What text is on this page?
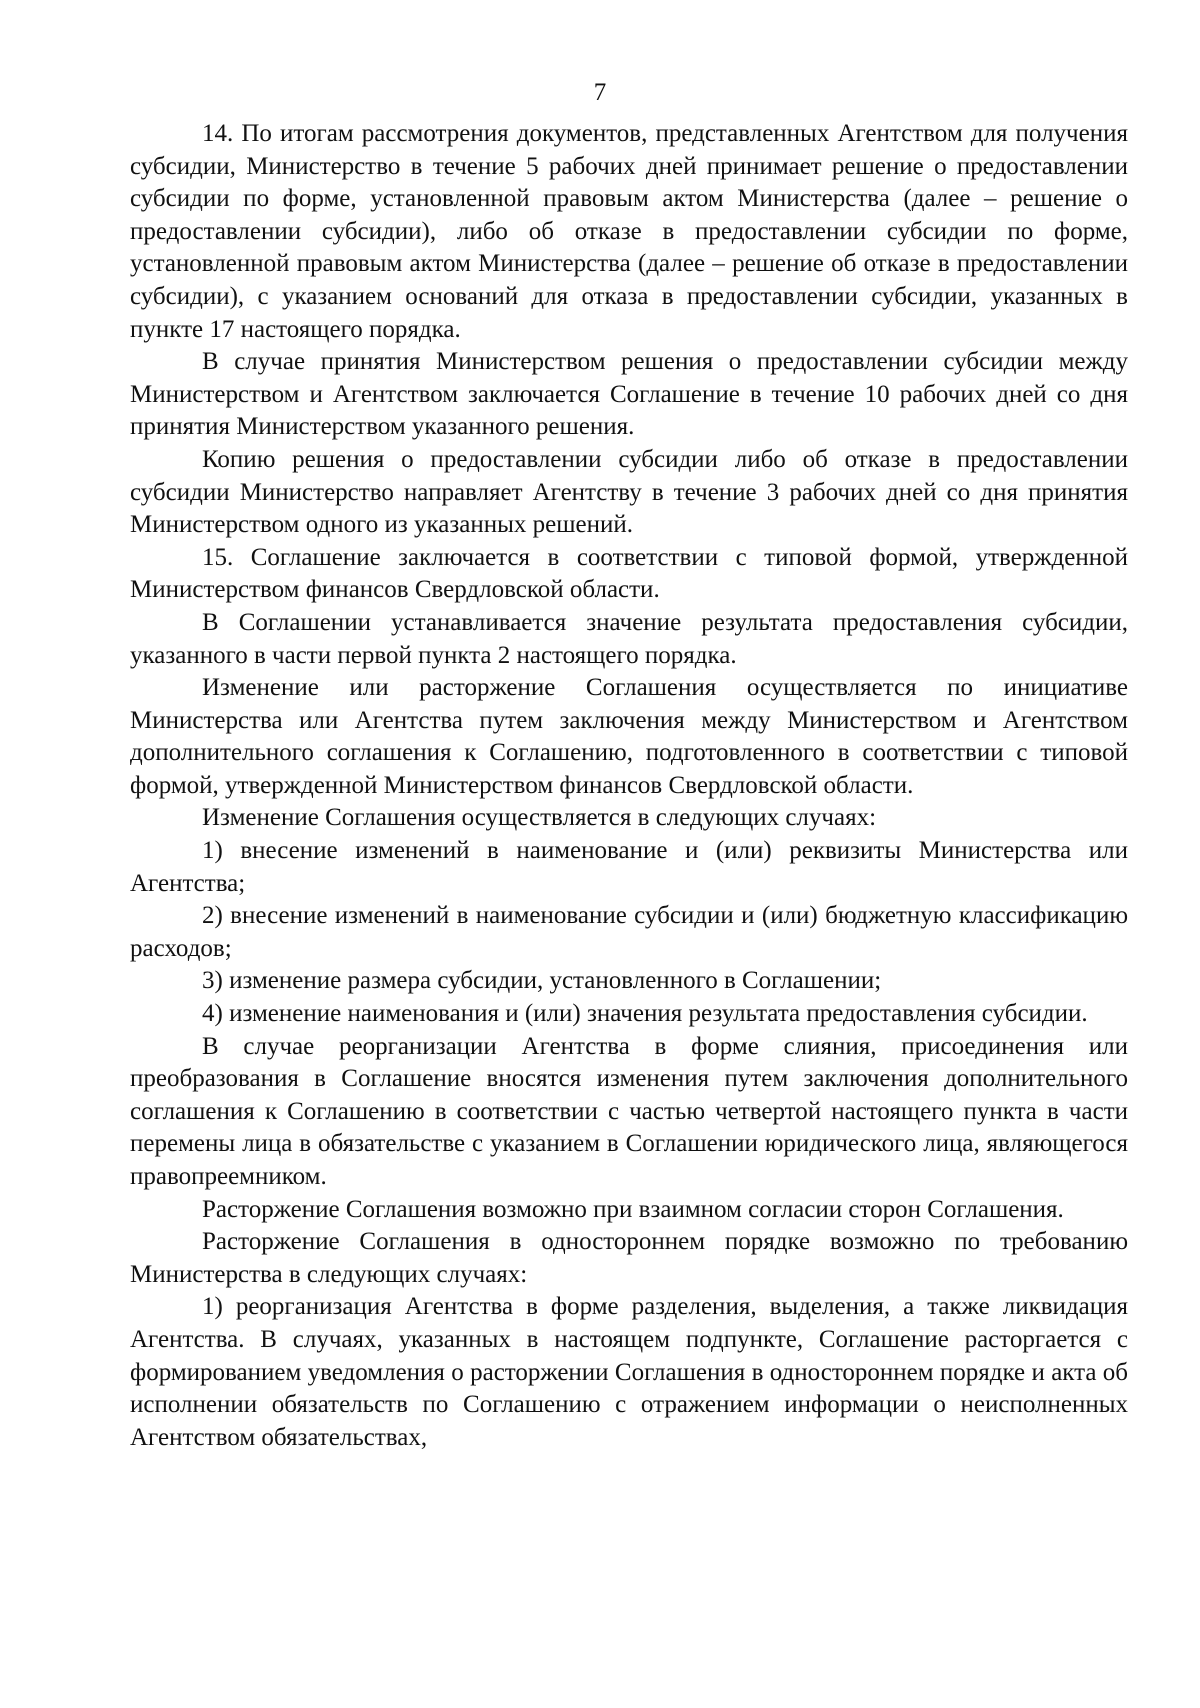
7

14. По итогам рассмотрения документов, представленных Агентством для получения субсидии, Министерство в течение 5 рабочих дней принимает решение о предоставлении субсидии по форме, установленной правовым актом Министерства (далее – решение о предоставлении субсидии), либо об отказе в предоставлении субсидии по форме, установленной правовым актом Министерства (далее – решение об отказе в предоставлении субсидии), с указанием оснований для отказа в предоставлении субсидии, указанных в пункте 17 настоящего порядка.

В случае принятия Министерством решения о предоставлении субсидии между Министерством и Агентством заключается Соглашение в течение 10 рабочих дней со дня принятия Министерством указанного решения.

Копию решения о предоставлении субсидии либо об отказе в предоставлении субсидии Министерство направляет Агентству в течение 3 рабочих дней со дня принятия Министерством одного из указанных решений.

15. Соглашение заключается в соответствии с типовой формой, утвержденной Министерством финансов Свердловской области.

В Соглашении устанавливается значение результата предоставления субсидии, указанного в части первой пункта 2 настоящего порядка.

Изменение или расторжение Соглашения осуществляется по инициативе Министерства или Агентства путем заключения между Министерством и Агентством дополнительного соглашения к Соглашению, подготовленного в соответствии с типовой формой, утвержденной Министерством финансов Свердловской области.

Изменение Соглашения осуществляется в следующих случаях:

1) внесение изменений в наименование и (или) реквизиты Министерства или Агентства;

2) внесение изменений в наименование субсидии и (или) бюджетную классификацию расходов;

3) изменение размера субсидии, установленного в Соглашении;

4) изменение наименования и (или) значения результата предоставления субсидии.

В случае реорганизации Агентства в форме слияния, присоединения или преобразования в Соглашение вносятся изменения путем заключения дополнительного соглашения к Соглашению в соответствии с частью четвертой настоящего пункта в части перемены лица в обязательстве с указанием в Соглашении юридического лица, являющегося правопреемником.

Расторжение Соглашения возможно при взаимном согласии сторон Соглашения.

Расторжение Соглашения в одностороннем порядке возможно по требованию Министерства в следующих случаях:

1) реорганизация Агентства в форме разделения, выделения, а также ликвидация Агентства. В случаях, указанных в настоящем подпункте, Соглашение расторгается с формированием уведомления о расторжении Соглашения в одностороннем порядке и акта об исполнении обязательств по Соглашению с отражением информации о неисполненных Агентством обязательствах,
